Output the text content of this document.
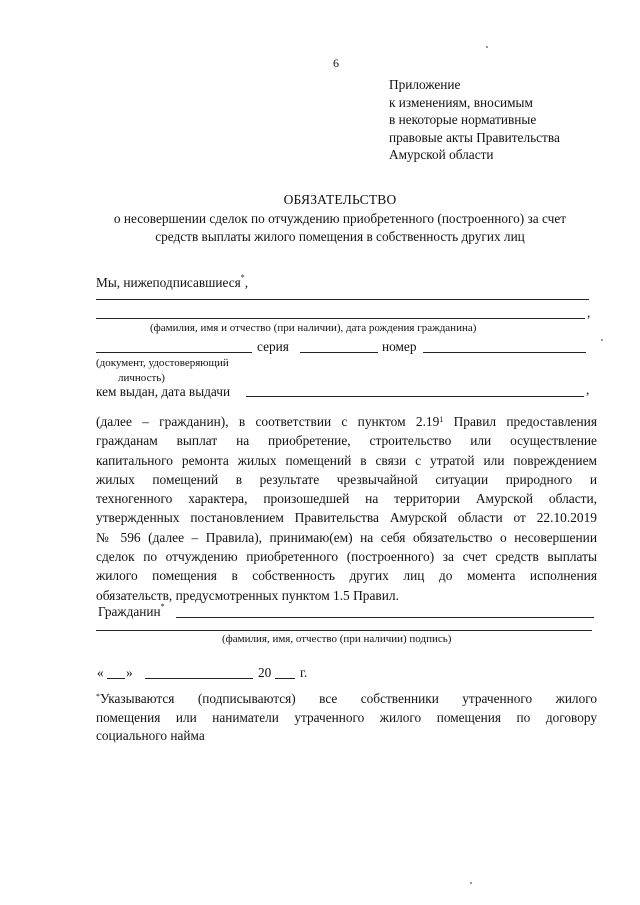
6
Приложение
к изменениям, вносимым
в некоторые нормативные
правовые акты Правительства
Амурской области
ОБЯЗАТЕЛЬСТВО
о несовершении сделок по отчуждению приобретенного (построенного) за счет
средств выплаты жилого помещения в собственность других лиц
Мы, нижеподписавшиеся*,
,
(фамилия, имя и отчество (при наличии), дата рождения гражданина)
серия	номер
(документ, удостоверяющий
личность)
кем выдан, дата выдачи	,
(далее – гражданин), в соответствии с пунктом 2.19$^1$ Правил предоставления
гражданам выплат на приобретение, строительство или осуществление
капитального ремонта жилых помещений в связи с утратой или повреждением
жилых помещений в результате чрезвычайной ситуации природного и
техногенного характера, произошедшей на территории Амурской области,
утвержденных постановлением Правительства Амурской области от 22.10.2019
№ 596 (далее – Правила), принимаю(ем) на себя обязательство о несовершении
сделок по отчуждению приобретенного (построенного) за счет средств выплаты
жилого помещения в собственность других лиц до момента исполнения
обязательств, предусмотренных пунктом 1.5 Правил.
Гражданин*
(фамилия, имя, отчество (при наличии) подпись)
« »	20 г.
*Указываются (подписываются) все собственники утраченного жилого
помещения или наниматели утраченного жилого помещения по договору
социального найма
